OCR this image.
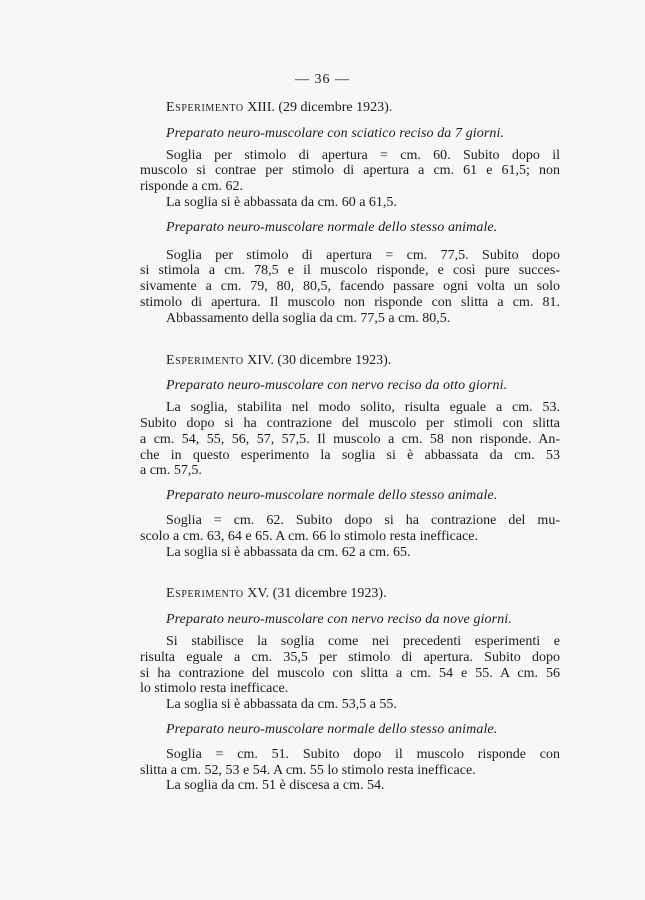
— 36 —
Esperimento XIII. (29 dicembre 1923).
Preparato neuro-muscolare con sciatico reciso da 7 giorni.

Soglia per stimolo di apertura = cm. 60. Subito dopo il
muscolo si contrae per stimolo di apertura a cm. 61 e 61,5; non
risponde a cm. 62.
La soglia si è abbassata da cm. 60 a 61,5.

Preparato neuro-muscolare normale dello stesso animale.

Soglia per stimolo di apertura = cm. 77,5. Subito dopo
si stimola a cm. 78,5 e il muscolo risponde, e così pure succes-
sivamente a cm. 79, 80, 80,5, facendo passare ogni volta un solo
stimolo di apertura. Il muscolo non risponde con slitta a cm. 81.
Abbassamento della soglia da cm. 77,5 a cm. 80,5.

Esperimento XIV. (30 dicembre 1923).
Preparato neuro-muscolare con nervo reciso da otto giorni.

La soglia, stabilita nel modo solito, risulta eguale a cm. 53.
Subito dopo si ha contrazione del muscolo per stimoli con slitta
a cm. 54, 55, 56, 57, 57,5. Il muscolo a cm. 58 non risponde. An-
che in questo esperimento la soglia si è abbassata da cm. 53
a cm. 57,5.

Preparato neuro-muscolare normale dello stesso animale.

Soglia = cm. 62. Subito dopo si ha contrazione del mu-
scolo a cm. 63, 64 e 65. A cm. 66 lo stimolo resta inefficace.
La soglia si è abbassata da cm. 62 a cm. 65.

Esperimento XV. (31 dicembre 1923).
Preparato neuro-muscolare con nervo reciso da nove giorni.

Si stabilisce la soglia come nei precedenti esperimenti e
risulta eguale a cm. 35,5 per stimolo di apertura. Subito dopo
si ha contrazione del muscolo con slitta a cm. 54 e 55. A cm. 56
lo stimolo resta inefficace.
La soglia si è abbassata da cm. 53,5 a 55.

Preparato neuro-muscolare normale dello stesso animale.

Soglia = cm. 51. Subito dopo il muscolo risponde con
slitta a cm. 52, 53 e 54. A cm. 55 lo stimolo resta inefficace.
La soglia da cm. 51 è discesa a cm. 54.
